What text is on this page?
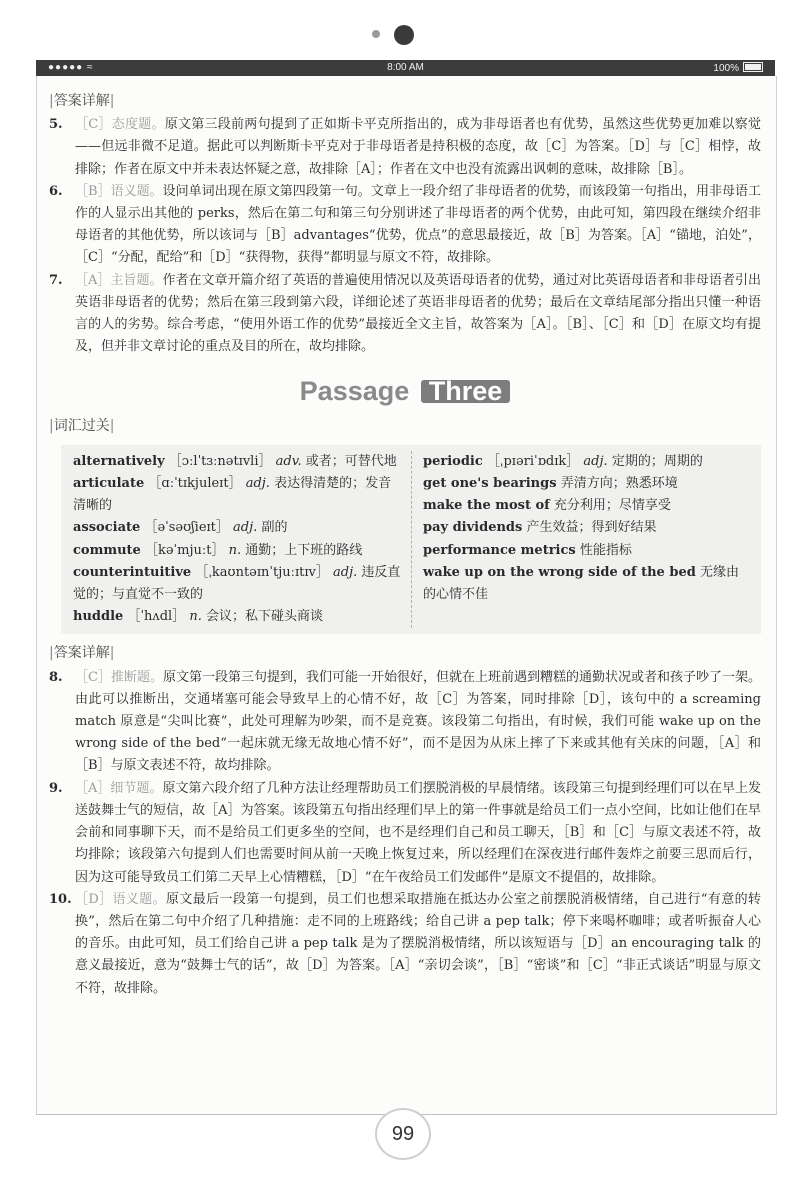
●●●●● ≈	8:00 AM	100%
|答案详解|
5. ［C］态度题。原文第三段前两句提到了正如斯卡平克所指出的，成为非母语者也有优势，虽然这些优势更加难以察觉——但远非微不足道。据此可以判断斯卡平克对于非母语者是持积极的态度，故［C］为答案。［D］与［C］相悖，故排除；作者在原文中并未表达怀疑之意，故排除［A］；作者在文中也没有流露出讽刺的意味，故排除［B］。
6. ［B］语义题。设问单词出现在原文第四段第一句。文章上一段介绍了非母语者的优势，而该段第一句指出，用非母语工作的人显示出其他的 perks，然后在第二句和第三句分别讲述了非母语者的两个优势，由此可知，第四段在继续介绍非母语者的其他优势，所以该词与［B］advantages“优势，优点”的意思最接近，故［B］为答案。［A］“锚地，泊处”，［C］“分配，配给”和［D］“获得物，获得”都明显与原文不符，故排除。
7. ［A］主旨题。作者在文章开篇介绍了英语的普遍使用情况以及英语母语者的优势，通过对比英语母语者和非母语者引出英语非母语者的优势；然后在第三段到第六段，详细论述了英语非母语者的优势；最后在文章结尾部分指出只懂一种语言的人的劣势。综合考虑，“使用外语工作的优势”最接近全文主旨，故答案为［A］。［B］、［C］和［D］在原文均有提及，但并非文章讨论的重点及目的所在，故均排除。
Passage Three
|词汇过关|
alternatively ［ɔːlˈtɜːnətɪvli］ adv. 或者；可替代地
articulate ［ɑːˈtɪkjuleɪt］ adj. 表达得清楚的；发音清晰的
associate ［əˈsəʊʃieɪt］ adj. 副的
commute ［kəˈmjuːt］ n. 通勤；上下班的路线
counterintuitive ［ˌkaʊntəɪnˈtjuːɪtɪv］ adj. 违反直觉的；与直觉不一致的
huddle ［ˈhʌdl］ n. 会议；私下碰头商谈
periodic ［ˌpɪəriˈɒdɪk］ adj. 定期的；周期的
get one's bearings 弄清方向；熟悉环境
make the most of 充分利用；尽情享受
pay dividends 产生效益；得到好结果
performance metrics 性能指标
wake up on the wrong side of the bed 无缘由的心情不佳
|答案详解|
8. ［C］推断题。原文第一段第三句提到，我们可能一开始很好，但就在上班前遇到糟糕的通勤状况或者和孩子吵了一架。由此可以推断出，交通堵塞可能会导致早上的心情不好，故［C］为答案，同时排除［D］，该句中的 a screaming match 原意是“尖叫比赛”，此处可理解为吵架，而不是竞赛。该段第二句指出，有时候，我们可能 wake up on the wrong side of the bed“一起床就无缘无故地心情不好”，而不是因为从床上摔了下来或其他有关床的问题，［A］和［B］与原文表述不符，故均排除。
9. ［A］细节题。原文第六段介绍了几种方法让经理帮助员工们摆脱消极的早晨情绪。该段第三句提到经理们可以在早上发送鼓舞士气的短信，故［A］为答案。该段第五句指出经理们早上的第一件事就是给员工们一点小空间，比如让他们在早会前和同事聊下天，而不是给员工们更多坐的空间，也不是经理们自己和员工聊天，［B］和［C］与原文表述不符，故均排除；该段第六句提到人们也需要时间从前一天晚上恢复过来，所以经理们在深夜进行邮件轰炸之前要三思而后行，因为这可能导致员工们第二天早上心情糟糕，［D］“在午夜给员工们发邮件”是原文不提倡的，故排除。
10. ［D］语义题。原文最后一段第一句提到，员工们也想采取措施在抵达办公室之前摆脱消极情绪，自己进行“有意的转换”，然后在第二句中介绍了几种措施：走不同的上班路线；给自己讲 a pep talk；停下来喝杯咖啡；或者听振奋人心的音乐。由此可知，员工们给自己讲 a pep talk 是为了摆脱消极情绪，所以该短语与［D］an encouraging talk 的意义最接近，意为“鼓舞士气的话”，故［D］为答案。［A］“亲切会谈”，［B］“密谈”和［C］“非正式谈话”明显与原文不符，故排除。
99
